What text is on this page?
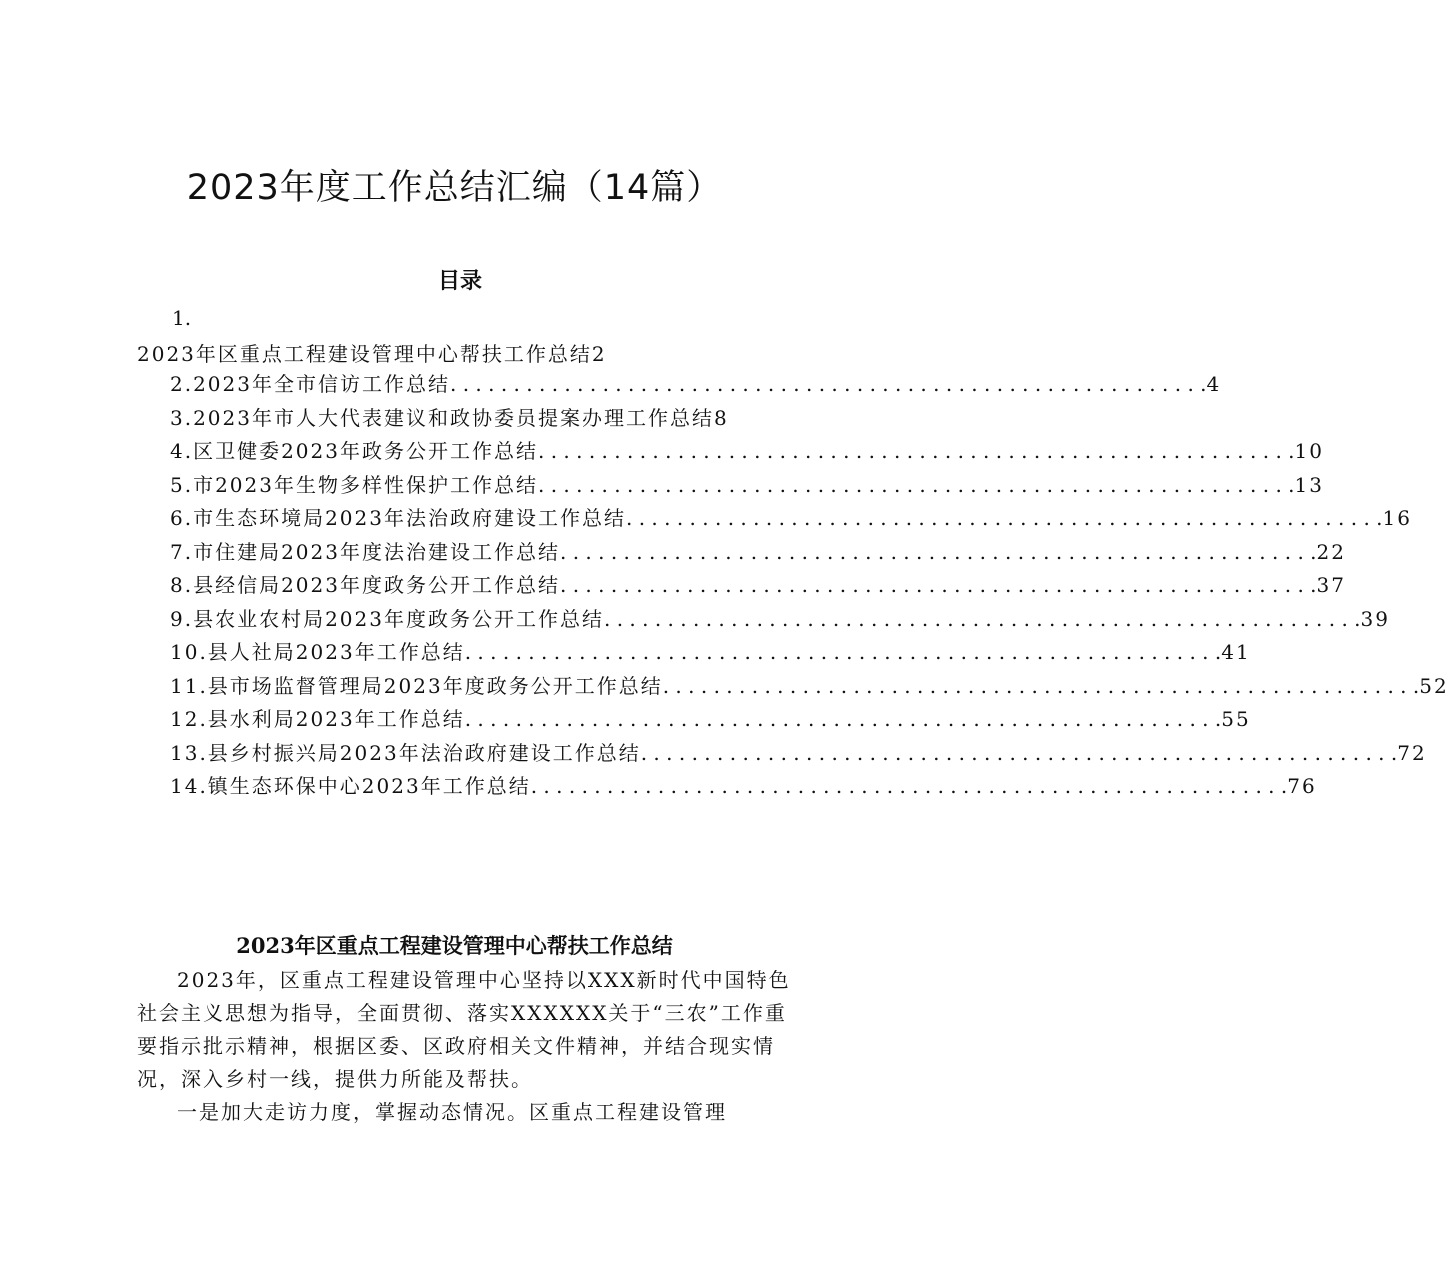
2023年度工作总结汇编（14篇）
目录
1.
2023年区重点工程建设管理中心帮扶工作总结2
2.2023年全市信访工作总结 . . . . . . . . . . . . . . . . . . . . . . . . . . . . . . . . . . . . . . . . . . . . . . . . . . . . . . . . . . . . 4
3.2023年市人大代表建议和政协委员提案办理工作总结8
4.区卫健委2023年政务公开工作总结 . . . . . . . . . . . . . . . . . . . . . . . . . . . . . . . . . . . . . . . . . . . . . . . . . . . . . . . . . . . . 10
5.市2023年生物多样性保护工作总结 . . . . . . . . . . . . . . . . . . . . . . . . . . . . . . . . . . . . . . . . . . . . . . . . . . . . . . . . . . . . 13
6.市生态环境局2023年法治政府建设工作总结 . . . . . . . . . . . . . . . . . . . . . . . . . . . . . . . . . . . . . . . . . . . . . . . . . . . . . . . . . . . . 16
7.市住建局2023年度法治建设工作总结 . . . . . . . . . . . . . . . . . . . . . . . . . . . . . . . . . . . . . . . . . . . . . . . . . . . . . . . . . . . . 22
8.县经信局2023年度政务公开工作总结 . . . . . . . . . . . . . . . . . . . . . . . . . . . . . . . . . . . . . . . . . . . . . . . . . . . . . . . . . . . . 37
9.县农业农村局2023年度政务公开工作总结 . . . . . . . . . . . . . . . . . . . . . . . . . . . . . . . . . . . . . . . . . . . . . . . . . . . . . . . . . . . . 39
10.县人社局2023年工作总结 . . . . . . . . . . . . . . . . . . . . . . . . . . . . . . . . . . . . . . . . . . . . . . . . . . . . . . . . . . . . 41
11.县市场监督管理局2023年度政务公开工作总结 . . . . . . . . . . . . . . . . . . . . . . . . . . . . . . . . . . . . . . . . . . . . . . . . . . . . . . . . . . . . 52
12.县水利局2023年工作总结 . . . . . . . . . . . . . . . . . . . . . . . . . . . . . . . . . . . . . . . . . . . . . . . . . . . . . . . . . . . . 55
13.县乡村振兴局2023年法治政府建设工作总结 . . . . . . . . . . . . . . . . . . . . . . . . . . . . . . . . . . . . . . . . . . . . . . . . . . . . . . . . . . . . 72
14.镇生态环保中心2023年工作总结 . . . . . . . . . . . . . . . . . . . . . . . . . . . . . . . . . . . . . . . . . . . . . . . . . . . . . . . . . . . . 76
2023年区重点工程建设管理中心帮扶工作总结

2023年，区重点工程建设管理中心坚持以XXX新时代中国特色社会主义思想为指导，全面贯彻、落实XXXXXX关于“三农”工作重要指示批示精神，根据区委、区政府相关文件精神，并结合现实情况，深入乡村一线，提供力所能及帮扶。

一是加大走访力度，掌握动态情况。区重点工程建设管理
